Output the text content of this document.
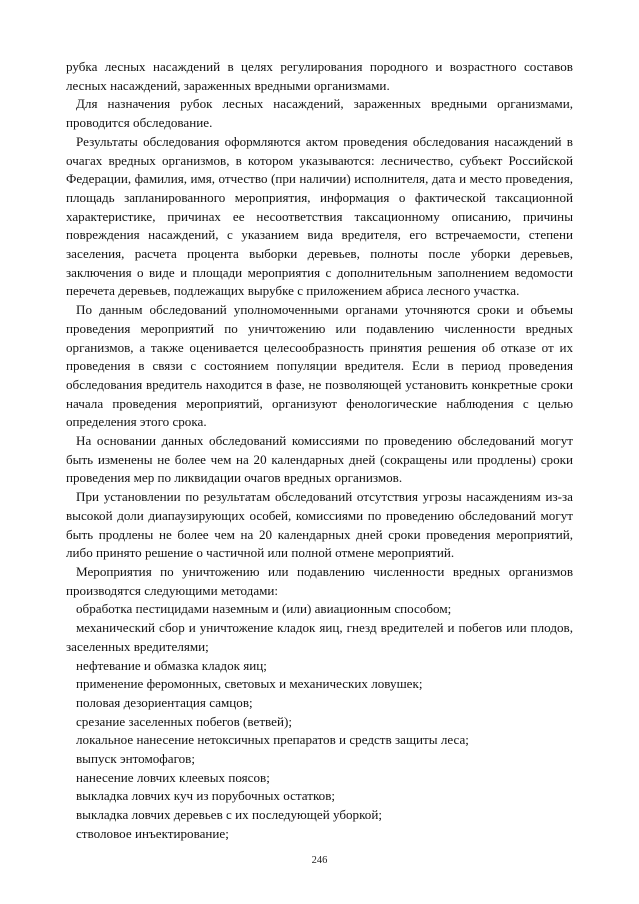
рубка лесных насаждений в целях регулирования породного и возрастного составов лесных насаждений, зараженных вредными организмами.

Для назначения рубок лесных насаждений, зараженных вредными организмами, проводится обследование.

Результаты обследования оформляются актом проведения обследования насаждений в очагах вредных организмов, в котором указываются: лесничество, субъект Российской Федерации, фамилия, имя, отчество (при наличии) исполнителя, дата и место проведения, площадь запланированного мероприятия, информация о фактической таксационной характеристике, причинах ее несоответствия таксационному описанию, причины повреждения насаждений, с указанием вида вредителя, его встречаемости, степени заселения, расчета процента выборки деревьев, полноты после уборки деревьев, заключения о виде и площади мероприятия с дополнительным заполнением ведомости перечета деревьев, подлежащих вырубке с приложением абриса лесного участка.

По данным обследований уполномоченными органами уточняются сроки и объемы проведения мероприятий по уничтожению или подавлению численности вредных организмов, а также оценивается целесообразность принятия решения об отказе от их проведения в связи с состоянием популяции вредителя. Если в период проведения обследования вредитель находится в фазе, не позволяющей установить конкретные сроки начала проведения мероприятий, организуют фенологические наблюдения с целью определения этого срока.

На основании данных обследований комиссиями по проведению обследований могут быть изменены не более чем на 20 календарных дней (сокращены или продлены) сроки проведения мер по ликвидации очагов вредных организмов.

При установлении по результатам обследований отсутствия угрозы насаждениям из-за высокой доли диапаузирующих особей, комиссиями по проведению обследований могут быть продлены не более чем на 20 календарных дней сроки проведения мероприятий, либо принято решение о частичной или полной отмене мероприятий.

Мероприятия по уничтожению или подавлению численности вредных организмов производятся следующими методами:

обработка пестицидами наземным и (или) авиационным способом;

механический сбор и уничтожение кладок яиц, гнезд вредителей и побегов или плодов, заселенных вредителями;

нефтевание и обмазка кладок яиц;

применение феромонных, световых и механических ловушек;

половая дезориентация самцов;

срезание заселенных побегов (ветвей);

локальное нанесение нетоксичных препаратов и средств защиты леса;

выпуск энтомофагов;

нанесение ловчих клеевых поясов;

выкладка ловчих куч из порубочных остатков;

выкладка ловчих деревьев с их последующей уборкой;

стволовое инъектирование;

246
